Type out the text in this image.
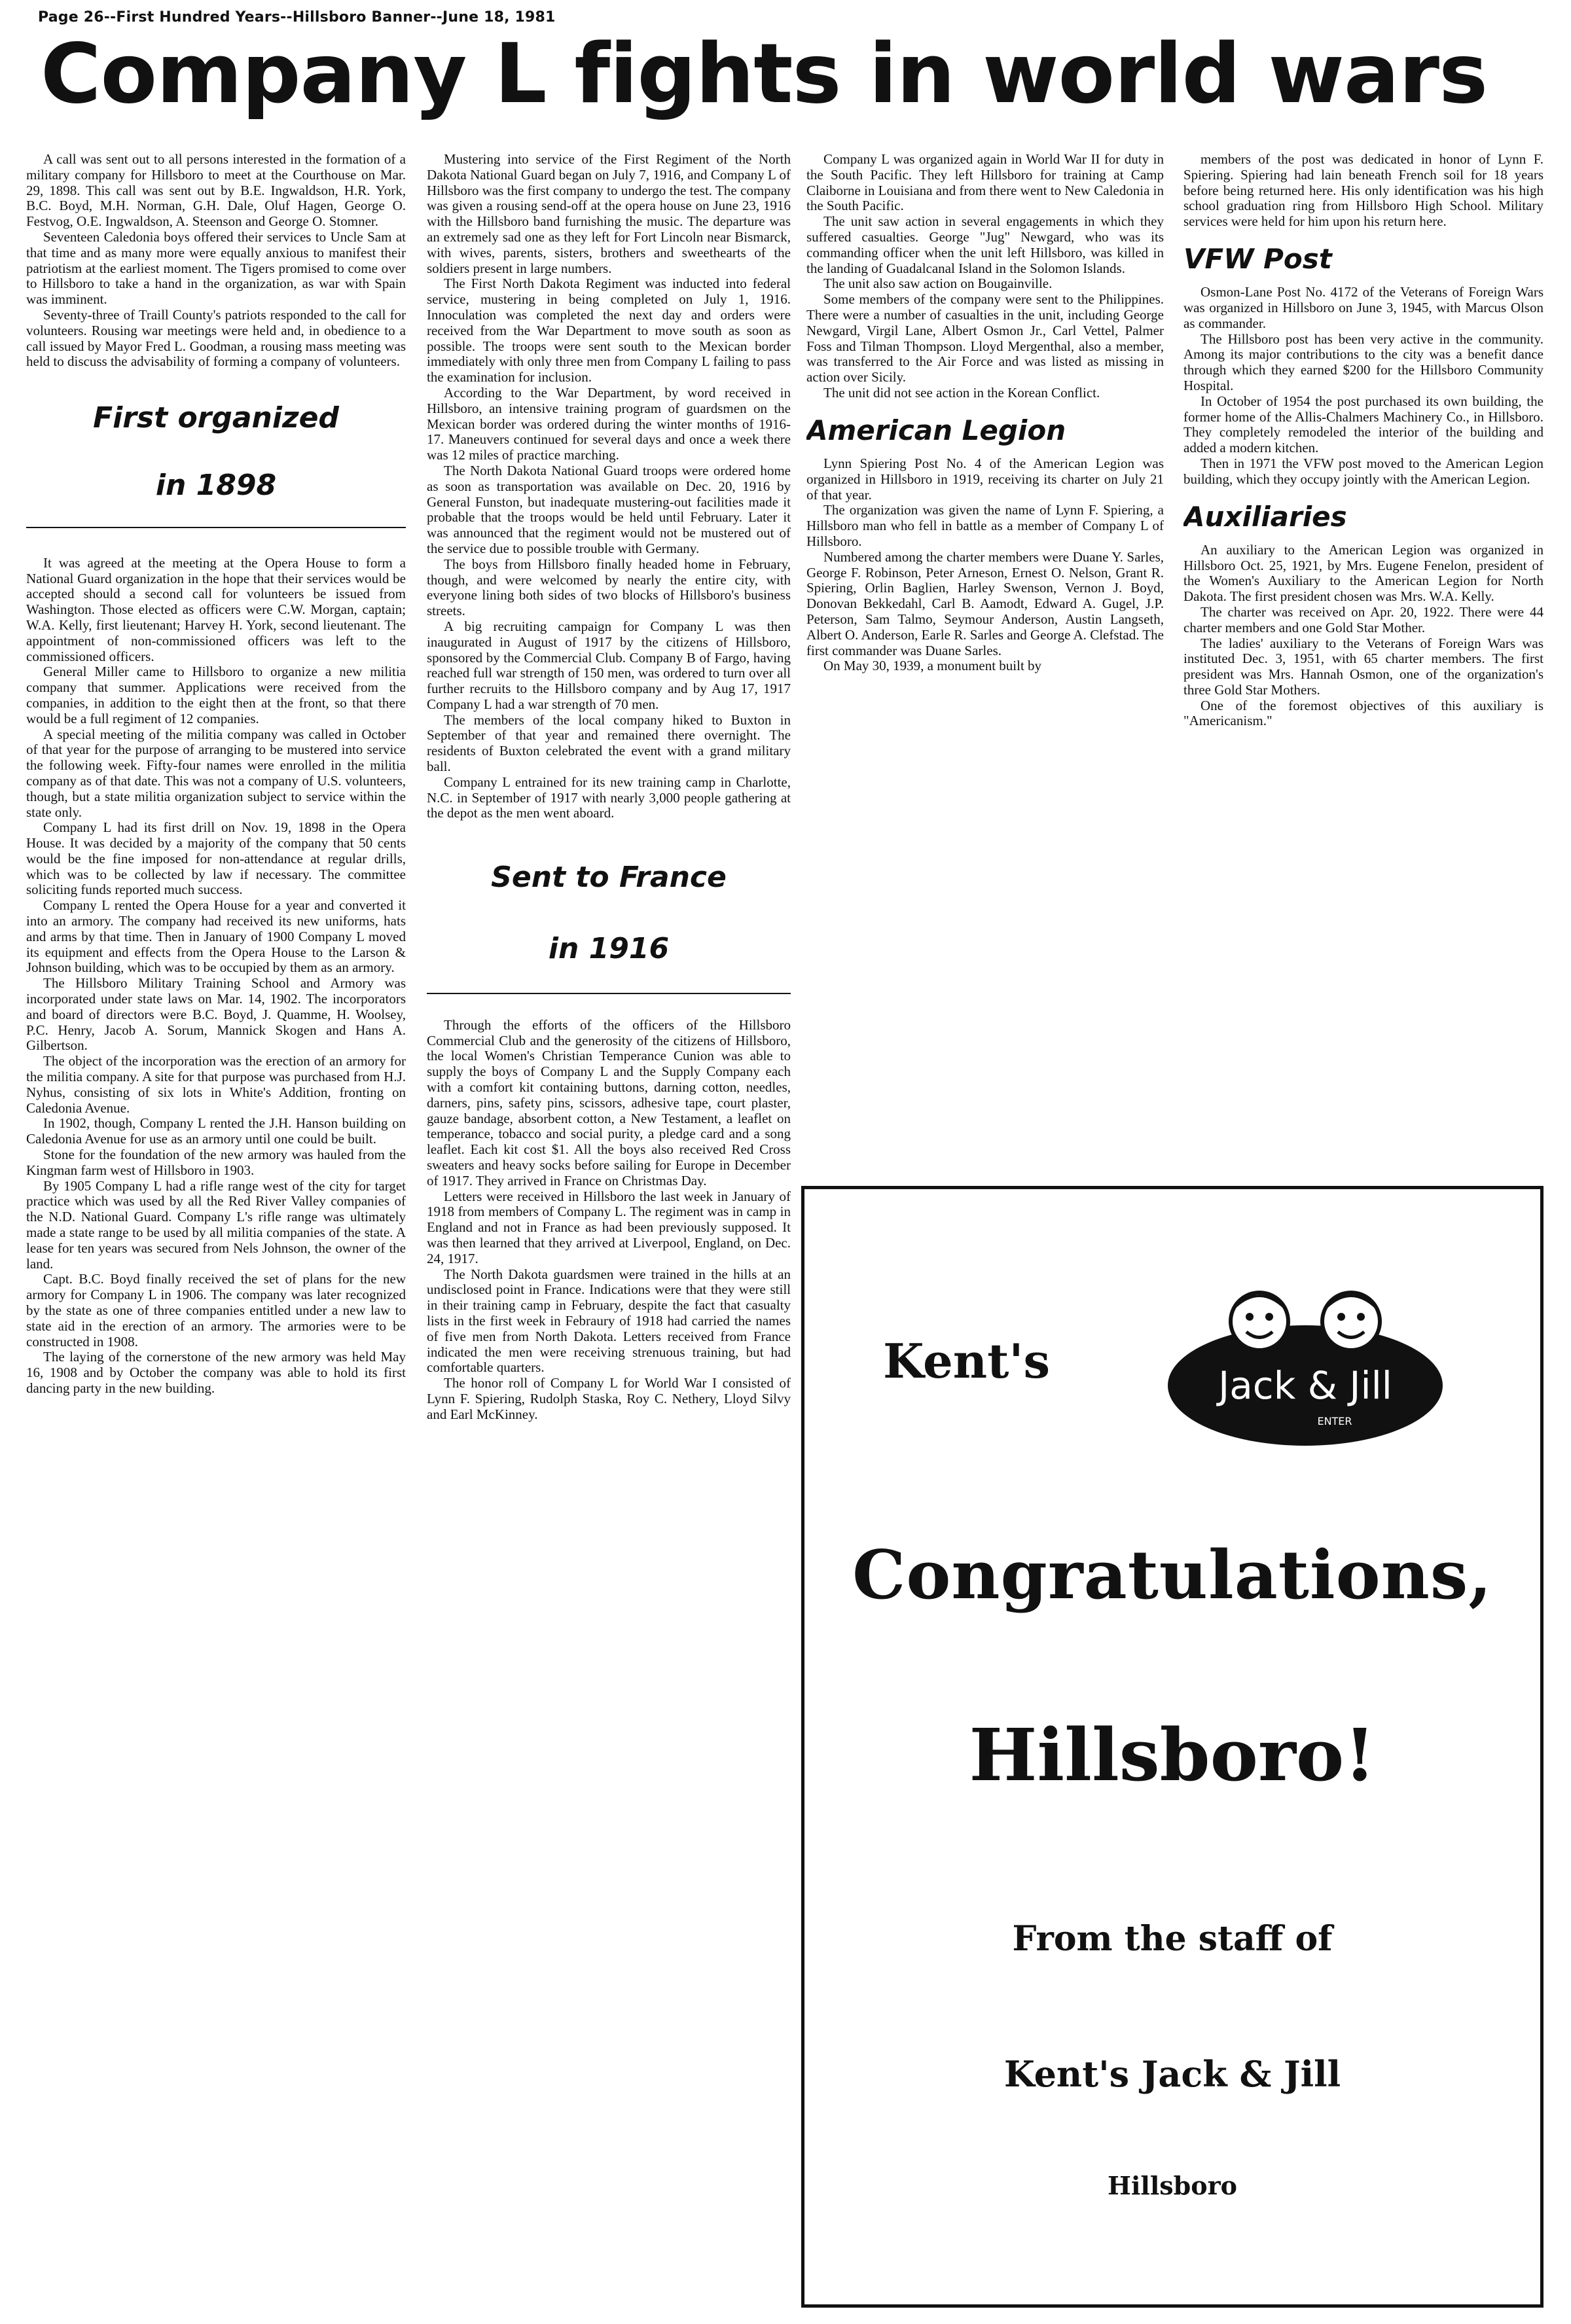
Page 26--First Hundred Years--Hillsboro Banner--June 18, 1981
Company L fights in world wars

A call was sent out to all persons interested in the formation of a military company for Hillsboro to meet at the Courthouse on Mar. 29, 1898. This call was sent out by B.E. Ingwaldson, H.R. York, B.C. Boyd, M.H. Norman, G.H. Dale, Oluf Hagen, George O. Festvog, O.E. Ingwaldson, A. Steenson and George O. Stomner.

Seventeen Caledonia boys offered their services to Uncle Sam at that time and as many more were equally anxious to manifest their patriotism at the earliest moment. The Tigers promised to come over to Hillsboro to take a hand in the organization, as war with Spain was imminent.

Seventy-three of Traill County's patriots responded to the call for volunteers. Rousing war meetings were held and, in obedience to a call issued by Mayor Fred L. Goodman, a rousing mass meeting was held to discuss the advisability of forming a company of volunteers.

First organized
in 1898

It was agreed at the meeting at the Opera House to form a National Guard organization in the hope that their services would be accepted should a second call for volunteers be issued from Washington. Those elected as officers were C.W. Morgan, captain; W.A. Kelly, first lieutenant; Harvey H. York, second lieutenant. The appointment of non-commissioned officers was left to the commissioned officers.

General Miller came to Hillsboro to organize a new militia company that summer. Applications were received from the companies, in addition to the eight then at the front, so that there would be a full regiment of 12 companies.

A special meeting of the militia company was called in October of that year for the purpose of arranging to be mustered into service the following week. Fifty-four names were enrolled in the militia company as of that date. This was not a company of U.S. volunteers, though, but a state militia organization subject to service within the state only.

Company L had its first drill on Nov. 19, 1898 in the Opera House. It was decided by a majority of the company that 50 cents would be the fine imposed for non-attendance at regular drills, which was to be collected by law if necessary. The committee soliciting funds reported much success.

Company L rented the Opera House for a year and converted it into an armory. The company had received its new uniforms, hats and arms by that time. Then in January of 1900 Company L moved its equipment and effects from the Opera House to the Larson & Johnson building, which was to be occupied by them as an armory.

The Hillsboro Military Training School and Armory was incorporated under state laws on Mar. 14, 1902. The incorporators and board of directors were B.C. Boyd, J. Quamme, H. Woolsey, P.C. Henry, Jacob A. Sorum, Mannick Skogen and Hans A. Gilbertson.

The object of the incorporation was the erection of an armory for the militia company. A site for that purpose was purchased from H.J. Nyhus, consisting of six lots in White's Addition, fronting on Caledonia Avenue.

In 1902, though, Company L rented the J.H. Hanson building on Caledonia Avenue for use as an armory until one could be built.

Stone for the foundation of the new armory was hauled from the Kingman farm west of Hillsboro in 1903.

By 1905 Company L had a rifle range west of the city for target practice which was used by all the Red River Valley companies of the N.D. National Guard. Company L's rifle range was ultimately made a state range to be used by all militia companies of the state. A lease for ten years was secured from Nels Johnson, the owner of the land.

Capt. B.C. Boyd finally received the set of plans for the new armory for Company L in 1906. The company was later recognized by the state as one of three companies entitled under a new law to state aid in the erection of an armory. The armories were to be constructed in 1908.

The laying of the cornerstone of the new armory was held May 16, 1908 and by October the company was able to hold its first dancing party in the new building.

Mustering into service of the First Regiment of the North Dakota National Guard began on July 7, 1916, and Company L of Hillsboro was the first company to undergo the test. The company was given a rousing send-off at the opera house on June 23, 1916 with the Hillsboro band furnishing the music. The departure was an extremely sad one as they left for Fort Lincoln near Bismarck, with wives, parents, sisters, brothers and sweethearts of the soldiers present in large numbers.

The First North Dakota Regiment was inducted into federal service, mustering in being completed on July 1, 1916. Innoculation was completed the next day and orders were received from the War Department to move south as soon as possible. The troops were sent south to the Mexican border immediately with only three men from Company L failing to pass the examination for inclusion.

According to the War Department, by word received in Hillsboro, an intensive training program of guardsmen on the Mexican border was ordered during the winter months of 1916-17. Maneuvers continued for several days and once a week there was 12 miles of practice marching.

The North Dakota National Guard troops were ordered home as soon as transportation was available on Dec. 20, 1916 by General Funston, but inadequate mustering-out facilities made it probable that the troops would be held until February. Later it was announced that the regiment would not be mustered out of the service due to possible trouble with Germany.

The boys from Hillsboro finally headed home in February, though, and were welcomed by nearly the entire city, with everyone lining both sides of two blocks of Hillsboro's business streets.

A big recruiting campaign for Company L was then inaugurated in August of 1917 by the citizens of Hillsboro, sponsored by the Commercial Club. Company B of Fargo, having reached full war strength of 150 men, was ordered to turn over all further recruits to the Hillsboro company and by Aug 17, 1917 Company L had a war strength of 70 men.

The members of the local company hiked to Buxton in September of that year and remained there overnight. The residents of Buxton celebrated the event with a grand military ball.

Company L entrained for its new training camp in Charlotte, N.C. in September of 1917 with nearly 3,000 people gathering at the depot as the men went aboard.

Sent to France
in 1916

Through the efforts of the officers of the Hillsboro Commercial Club and the generosity of the citizens of Hillsboro, the local Women's Christian Temperance Cunion was able to supply the boys of Company L and the Supply Company each with a comfort kit containing buttons, darning cotton, needles, darners, pins, safety pins, scissors, adhesive tape, court plaster, gauze bandage, absorbent cotton, a New Testament, a leaflet on temperance, tobacco and social purity, a pledge card and a song leaflet. Each kit cost $1. All the boys also received Red Cross sweaters and heavy socks before sailing for Europe in December of 1917. They arrived in France on Christmas Day.

Letters were received in Hillsboro the last week in January of 1918 from members of Company L. The regiment was in camp in England and not in France as had been previously supposed. It was then learned that they arrived at Liverpool, England, on Dec. 24, 1917.

The North Dakota guardsmen were trained in the hills at an undisclosed point in France. Indications were that they were still in their training camp in February, despite the fact that casualty lists in the first week in Febraury of 1918 had carried the names of five men from North Dakota. Letters received from France indicated the men were receiving strenuous training, but had comfortable quarters.

The honor roll of Company L for World War I consisted of Lynn F. Spiering, Rudolph Staska, Roy C. Nethery, Lloyd Silvy and Earl McKinney.

Company L was organized again in World War II for duty in the South Pacific. They left Hillsboro for training at Camp Claiborne in Louisiana and from there went to New Caledonia in the South Pacific.

The unit saw action in several engagements in which they suffered casualties. George "Jug" Newgard, who was its commanding officer when the unit left Hillsboro, was killed in the landing of Guadalcanal Island in the Solomon Islands.

The unit also saw action on Bougainville.

Some members of the company were sent to the Philippines. There were a number of casualties in the unit, including George Newgard, Virgil Lane, Albert Osmon Jr., Carl Vettel, Palmer Foss and Tilman Thompson. Lloyd Mergenthal, also a member, was transferred to the Air Force and was listed as missing in action over Sicily.

The unit did not see action in the Korean Conflict.

American Legion

Lynn Spiering Post No. 4 of the American Legion was organized in Hillsboro in 1919, receiving its charter on July 21 of that year.

The organization was given the name of Lynn F. Spiering, a Hillsboro man who fell in battle as a member of Company L of Hillsboro.

Numbered among the charter members were Duane Y. Sarles, George F. Robinson, Peter Arneson, Ernest O. Nelson, Grant R. Spiering, Orlin Baglien, Harley Swenson, Vernon J. Boyd, Donovan Bekkedahl, Carl B. Aamodt, Edward A. Gugel, J.P. Peterson, Sam Talmo, Seymour Anderson, Austin Langseth, Albert O. Anderson, Earle R. Sarles and George A. Clefstad. The first commander was Duane Sarles.

On May 30, 1939, a monument built by

members of the post was dedicated in honor of Lynn F. Spiering. Spiering had lain beneath French soil for 18 years before being returned here. His only identification was his high school graduation ring from Hillsboro High School. Military services were held for him upon his return here.

VFW Post

Osmon-Lane Post No. 4172 of the Veterans of Foreign Wars was organized in Hillsboro on June 3, 1945, with Marcus Olson as commander.

The Hillsboro post has been very active in the community. Among its major contributions to the city was a benefit dance through which they earned $200 for the Hillsboro Community Hospital.

In October of 1954 the post purchased its own building, the former home of the Allis-Chalmers Machinery Co., in Hillsboro. They completely remodeled the interior of the building and added a modern kitchen.

Then in 1971 the VFW post moved to the American Legion building, which they occupy jointly with the American Legion.

Auxiliaries

An auxiliary to the American Legion was organized in Hillsboro Oct. 25, 1921, by Mrs. Eugene Fenelon, president of the Women's Auxiliary to the American Legion for North Dakota. The first president chosen was Mrs. W.A. Kelly.

The charter was received on Apr. 20, 1922. There were 44 charter members and one Gold Star Mother.

The ladies' auxiliary to the Veterans of Foreign Wars was instituted Dec. 3, 1951, with 65 charter members. The first president was Mrs. Hannah Osmon, one of the organization's three Gold Star Mothers.

One of the foremost objectives of this auxiliary is "Americanism."

Kent's	Jack & Jill
ENTER
Congratulations,
Hillsboro!
From the staff of
Kent's Jack & Jill
Hillsboro
